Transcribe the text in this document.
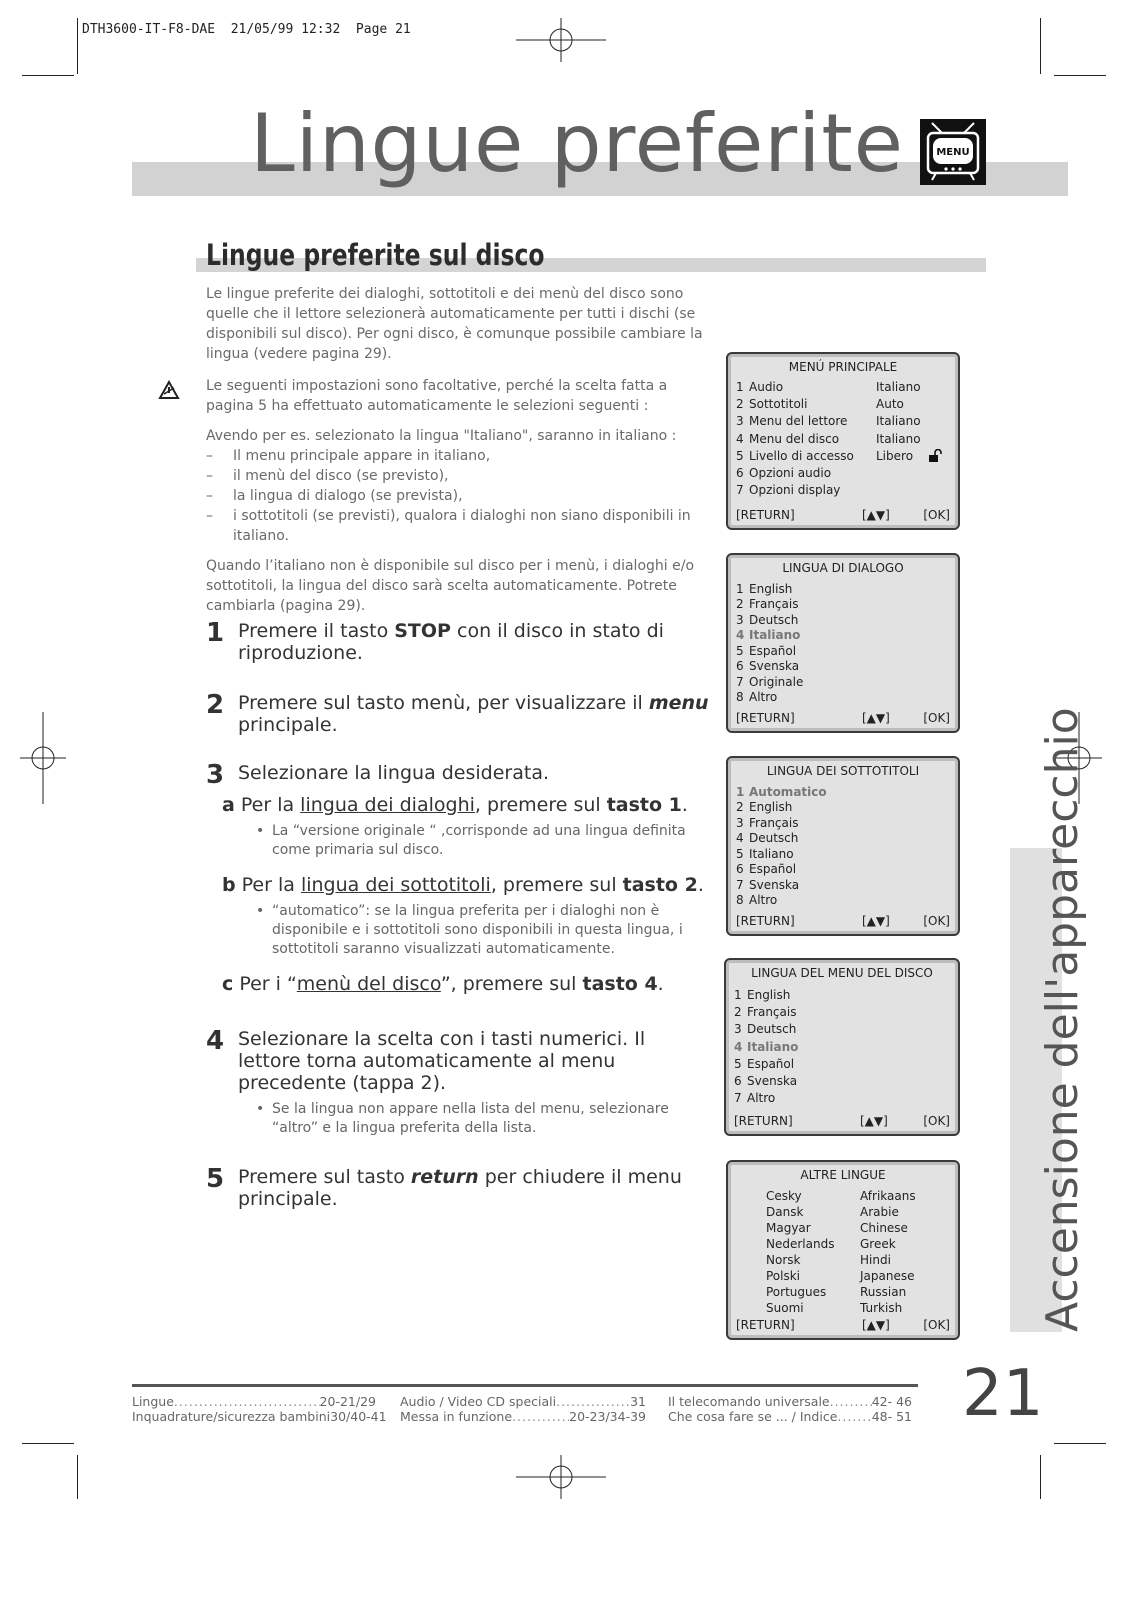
DTH3600-IT-F8-DAE  21/05/99 12:32  Page 21
Lingue preferite	MENU
Lingue preferite sul disco

Le lingue preferite dei dialoghi, sottotitoli e dei menù del disco sono quelle che il lettore selezionerà automaticamente per tutti i dischi (se disponibili sul disco). Per ogni disco, è comunque possibile cambiare la lingua (vedere pagina 29).

Le seguenti impostazioni sono facoltative, perché la scelta fatta a pagina 5 ha effettuato automaticamente le selezioni seguenti :

Avendo per es. selezionato la lingua "Italiano", saranno in italiano :
– Il menu principale appare in italiano,
– il menù del disco (se previsto),
– la lingua di dialogo (se prevista),
– i sottotitoli (se previsti), qualora i dialoghi non siano disponibili in italiano.

Quando l’italiano non è disponibile sul disco per i menù, i dialoghi e/o sottotitoli, la lingua del disco sarà scelta automaticamente. Potrete cambiarla (pagina 29).

1 Premere il tasto STOP con il disco in stato di riproduzione.
2 Premere sul tasto menù, per visualizzare il menu principale.
3 Selezionare la lingua desiderata.
a Per la lingua dei dialoghi, premere sul tasto 1.
• La “versione originale “ ,corrisponde ad una lingua definita come primaria sul disco.
b Per la lingua dei sottotitoli, premere sul tasto 2.
• “automatico”: se la lingua preferita per i dialoghi non è disponibile e i sottotitoli sono disponibili in questa lingua, i sottotitoli saranno visualizzati automaticamente.
c Per i “menù del disco”, premere sul tasto 4.
4 Selezionare la scelta con i tasti numerici. Il lettore torna automaticamente al menu precedente (tappa 2).
• Se la lingua non appare nella lista del menu, selezionare “altro” e la lingua preferita della lista.
5 Premere sul tasto return per chiudere il menu principale.
MENÚ PRINCIPALE
1 Audio	Italiano
2 Sottotitoli	Auto
3 Menu del lettore	Italiano
4 Menu del disco	Italiano
5 Livello di accesso	Libero
6 Opzioni audio
7 Opzioni display
[RETURN]	[▲▼]	[OK]
LINGUA DI DIALOGO
1 English
2 Français
3 Deutsch
4 Italiano
5 Español
6 Svenska
7 Originale
8 Altro
[RETURN]	[▲▼]	[OK]
LINGUA DEI SOTTOTITOLI
1 Automatico
2 English
3 Français
4 Deutsch
5 Italiano
6 Español
7 Svenska
8 Altro
[RETURN]	[▲▼]	[OK]
LINGUA DEL MENU DEL DISCO
1 English
2 Français
3 Deutsch
4 Italiano
5 Español
6 Svenska
7 Altro
[RETURN]	[▲▼]	[OK]
ALTRE LINGUE
Cesky	Afrikaans
Dansk	Arabie
Magyar	Chinese
Nederlands	Greek
Norsk	Hindi
Polski	Japanese
Portugues	Russian
Suomi	Turkish
[RETURN]	[▲▼]	[OK] Accensione dell'apparecchio
Lingue .....	20-21/29
Inquadrature/sicurezza bambini 30/40-41
Audio / Video CD speciali .....	31
Messa in funzione .....	20-23/34-39
Il telecomando universale .....	42- 46
Che cosa fare se ... / Indice .....	48- 51 21
